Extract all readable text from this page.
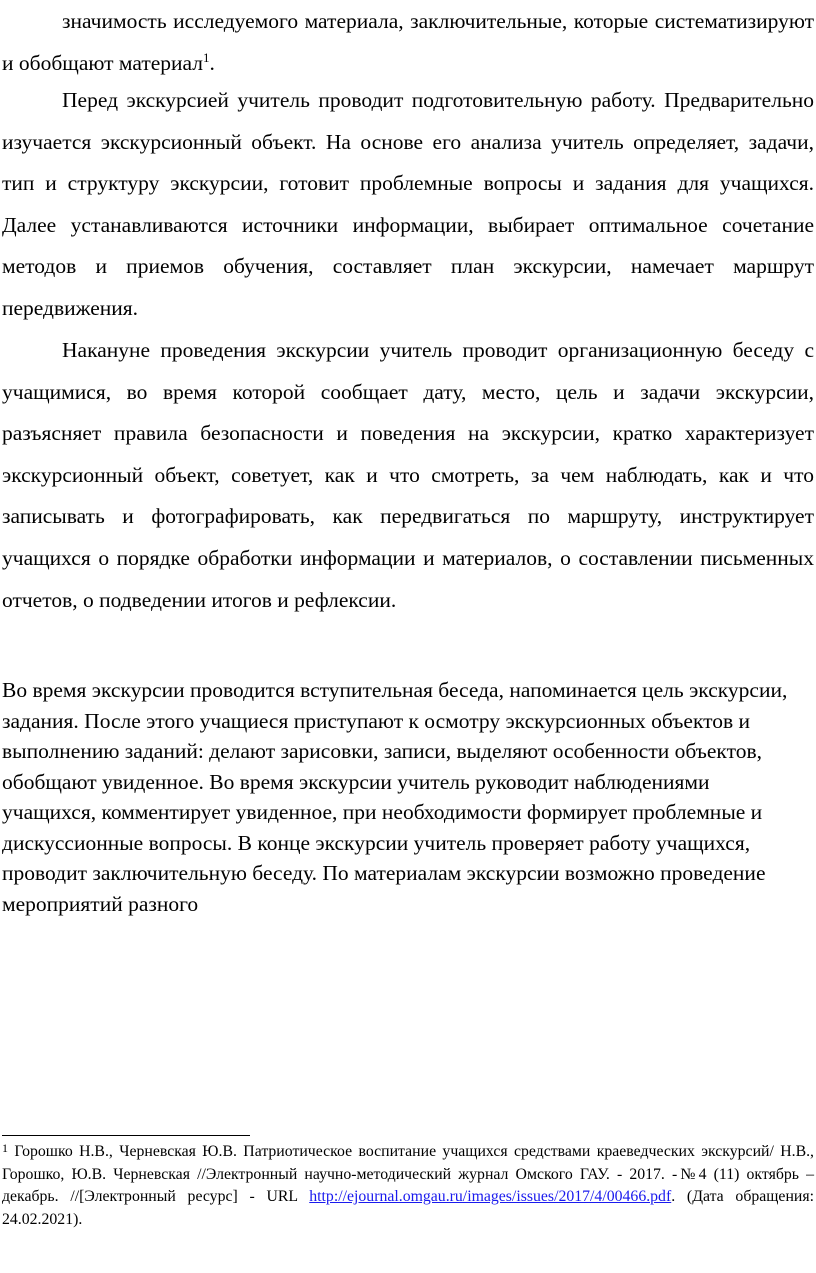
значимость исследуемого материала, заключительные, которые систематизируют и обобщают материал$^1$.

Перед экскурсией учитель проводит подготовительную работу. Предварительно изучается экскурсионный объект. На основе его анализа учитель определяет, задачи, тип и структуру экскурсии, готовит проблемные вопросы и задания для учащихся. Далее устанавливаются источники информации, выбирает оптимальное сочетание методов и приемов обучения, составляет план экскурсии, намечает маршрут передвижения.

Накануне проведения экскурсии учитель проводит организационную беседу с учащимися, во время которой сообщает дату, место, цель и задачи экскурсии, разъясняет правила безопасности и поведения на экскурсии, кратко характеризует экскурсионный объект, советует, как и что смотреть, за чем наблюдать, как и что записывать и фотографировать, как передвигаться по маршруту, инструктирует учащихся о порядке обработки информации и материалов, о составлении письменных отчетов, о подведении итогов и рефлексии.

Во время экскурсии проводится вступительная беседа, напоминается цель экскурсии, задания. После этого учащиеся приступают к осмотру экскурсионных объектов и выполнению заданий: делают зарисовки, записи, выделяют особенности объектов, обобщают увиденное. Во время экскурсии учитель руководит наблюдениями учащихся, комментирует увиденное, при необходимости формирует проблемные и дискуссионные вопросы. В конце экскурсии учитель проверяет работу учащихся, проводит заключительную беседу. По материалам экскурсии возможно проведение мероприятий разного

$^1$ Горошко Н.В., Черневская Ю.В. Патриотическое воспитание учащихся средствами краеведческих экскурсий/ Н.В., Горошко, Ю.В. Черневская //Электронный научно-методический журнал Омского ГАУ. - 2017. -№4 (11) октябрь – декабрь. //[Электронный ресурс] - URL http://ejournal.omgau.ru/images/issues/2017/4/00466.pdf. (Дата обращения: 24.02.2021).
